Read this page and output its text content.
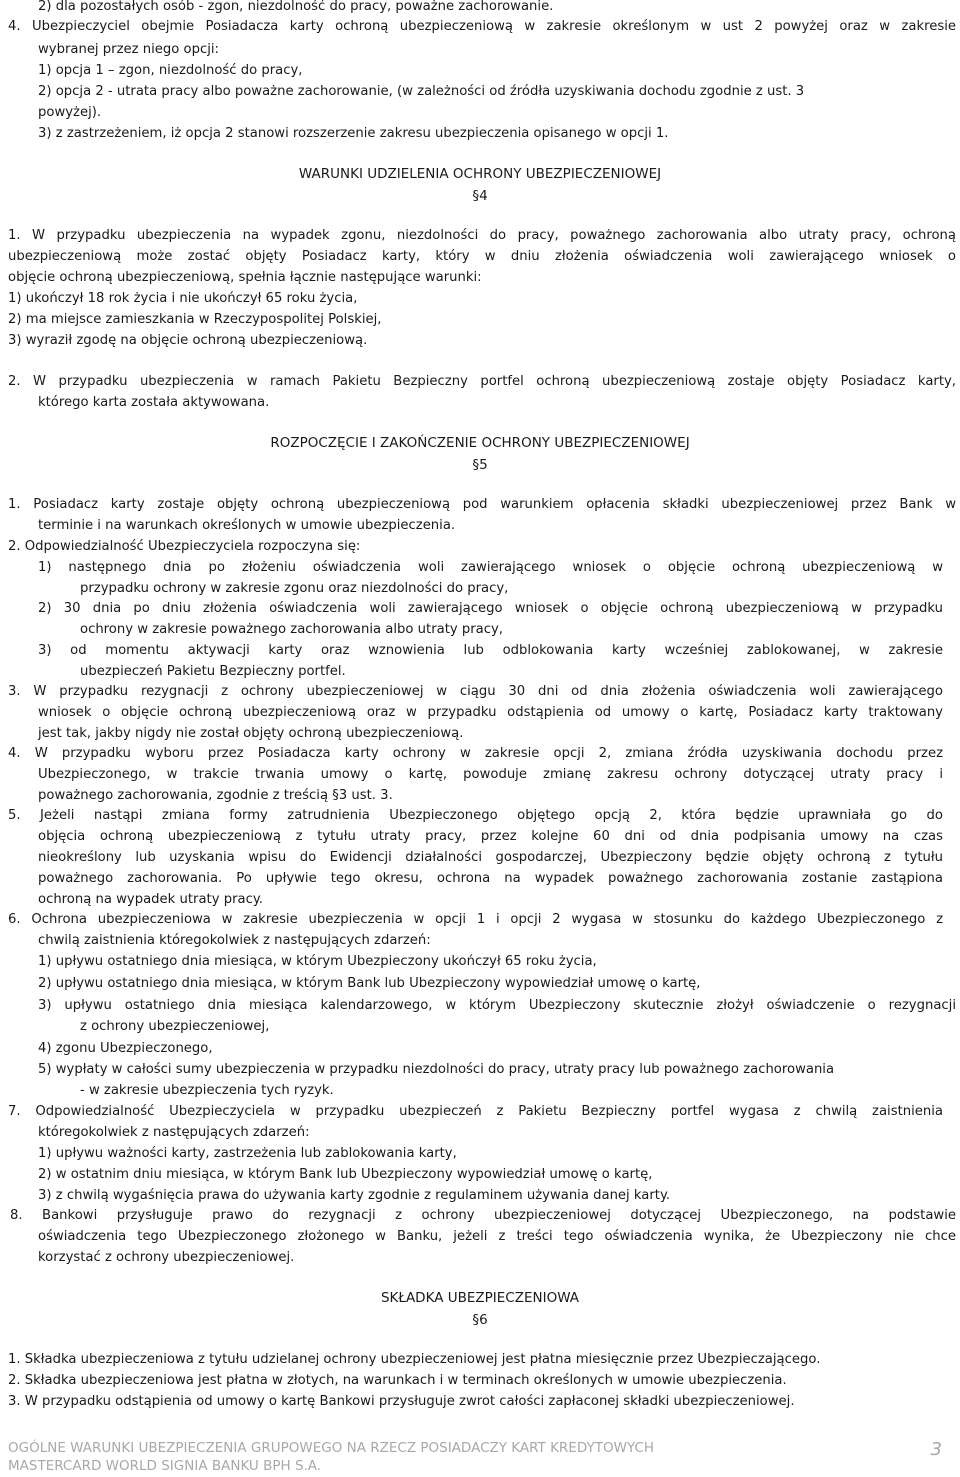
2) dla pozostałych osób - zgon, niezdolność do pracy, poważne zachorowanie.
4. Ubezpieczyciel obejmie Posiadacza karty ochroną ubezpieczeniową w zakresie określonym w ust 2 powyżej oraz w zakresie
wybranej przez niego opcji:
1) opcja 1 – zgon, niezdolność do pracy,
2) opcja 2 - utrata pracy albo poważne zachorowanie, (w zależności od źródła uzyskiwania dochodu zgodnie z ust. 3
powyżej).
3) z zastrzeżeniem, iż opcja 2 stanowi rozszerzenie zakresu ubezpieczenia opisanego w opcji 1.
WARUNKI UDZIELENIA OCHRONY UBEZPIECZENIOWEJ
§4
1. W przypadku ubezpieczenia na wypadek zgonu, niezdolności do pracy, poważnego zachorowania albo utraty pracy, ochroną
ubezpieczeniową może zostać objęty Posiadacz karty, który w dniu złożenia oświadczenia woli zawierającego wniosek o
objęcie ochroną ubezpieczeniową, spełnia łącznie następujące warunki:
1) ukończył 18 rok życia i nie ukończył 65 roku życia,
2) ma miejsce zamieszkania w Rzeczypospolitej Polskiej,
3) wyraził zgodę na objęcie ochroną ubezpieczeniową.
2. W przypadku ubezpieczenia w ramach Pakietu Bezpieczny portfel ochroną ubezpieczeniową zostaje objęty Posiadacz karty,
którego karta została aktywowana.
ROZPOCZĘCIE I ZAKOŃCZENIE OCHRONY UBEZPIECZENIOWEJ
§5
1. Posiadacz karty zostaje objęty ochroną ubezpieczeniową pod warunkiem opłacenia składki ubezpieczeniowej przez Bank w
terminie i na warunkach określonych w umowie ubezpieczenia.
2. Odpowiedzialność Ubezpieczyciela rozpoczyna się:
1) następnego dnia po złożeniu oświadczenia woli zawierającego wniosek o objęcie ochroną ubezpieczeniową w
przypadku ochrony w zakresie zgonu oraz niezdolności do pracy,
2) 30 dnia po dniu złożenia oświadczenia woli zawierającego wniosek o objęcie ochroną ubezpieczeniową w przypadku
ochrony w zakresie poważnego zachorowania albo utraty pracy,
3) od momentu aktywacji karty oraz wznowienia lub odblokowania karty wcześniej zablokowanej, w zakresie
ubezpieczeń Pakietu Bezpieczny portfel.
3. W przypadku rezygnacji z ochrony ubezpieczeniowej w ciągu 30 dni od dnia złożenia oświadczenia woli zawierającego
wniosek o objęcie ochroną ubezpieczeniową oraz w przypadku odstąpienia od umowy o kartę, Posiadacz karty traktowany
jest tak, jakby nigdy nie został objęty ochroną ubezpieczeniową.
4. W przypadku wyboru przez Posiadacza karty ochrony w zakresie opcji 2, zmiana źródła uzyskiwania dochodu przez
Ubezpieczonego, w trakcie trwania umowy o kartę, powoduje zmianę zakresu ochrony dotyczącej utraty pracy i
poważnego zachorowania, zgodnie z treścią §3 ust. 3.
5. Jeżeli nastąpi zmiana formy zatrudnienia Ubezpieczonego objętego opcją 2, która będzie uprawniała go do
objęcia ochroną ubezpieczeniową z tytułu utraty pracy, przez kolejne 60 dni od dnia podpisania umowy na czas
nieokreślony lub uzyskania wpisu do Ewidencji działalności gospodarczej, Ubezpieczony będzie objęty ochroną z tytułu
poważnego zachorowania. Po upływie tego okresu, ochrona na wypadek poważnego zachorowania zostanie zastąpiona
ochroną na wypadek utraty pracy.
6. Ochrona ubezpieczeniowa w zakresie ubezpieczenia w opcji 1 i opcji 2 wygasa w stosunku do każdego Ubezpieczonego z
chwilą zaistnienia któregokolwiek z następujących zdarzeń:
1) upływu ostatniego dnia miesiąca, w którym Ubezpieczony ukończył 65 roku życia,
2) upływu ostatniego dnia miesiąca, w którym Bank lub Ubezpieczony wypowiedział umowę o kartę,
3) upływu ostatniego dnia miesiąca kalendarzowego, w którym Ubezpieczony skutecznie złożył oświadczenie o rezygnacji
z ochrony ubezpieczeniowej,
4) zgonu Ubezpieczonego,
5) wypłaty w całości sumy ubezpieczenia w przypadku niezdolności do pracy, utraty pracy lub poważnego zachorowania
- w zakresie ubezpieczenia tych ryzyk.
7. Odpowiedzialność Ubezpieczyciela w przypadku ubezpieczeń z Pakietu Bezpieczny portfel wygasa z chwilą zaistnienia
któregokolwiek z następujących zdarzeń:
1) upływu ważności karty, zastrzeżenia lub zablokowania karty,
2) w ostatnim dniu miesiąca, w którym Bank lub Ubezpieczony wypowiedział umowę o kartę,
3) z chwilą wygaśnięcia prawa do używania karty zgodnie z regulaminem używania danej karty.
8. Bankowi przysługuje prawo do rezygnacji z ochrony ubezpieczeniowej dotyczącej Ubezpieczonego, na podstawie
oświadczenia tego Ubezpieczonego złożonego w Banku, jeżeli z treści tego oświadczenia wynika, że Ubezpieczony nie chce
korzystać z ochrony ubezpieczeniowej.
SKŁADKA UBEZPIECZENIOWA
§6
1. Składka ubezpieczeniowa z tytułu udzielanej ochrony ubezpieczeniowej jest płatna miesięcznie przez Ubezpieczającego.
2. Składka ubezpieczeniowa jest płatna w złotych, na warunkach i w terminach określonych w umowie ubezpieczenia.
3. W przypadku odstąpienia od umowy o kartę Bankowi przysługuje zwrot całości zapłaconej składki ubezpieczeniowej.
OGÓLNE WARUNKI UBEZPIECZENIA GRUPOWEGO NA RZECZ POSIADACZY KART KREDYTOWYCH
MASTERCARD WORLD SIGNIA BANKU BPH S.A.
3
